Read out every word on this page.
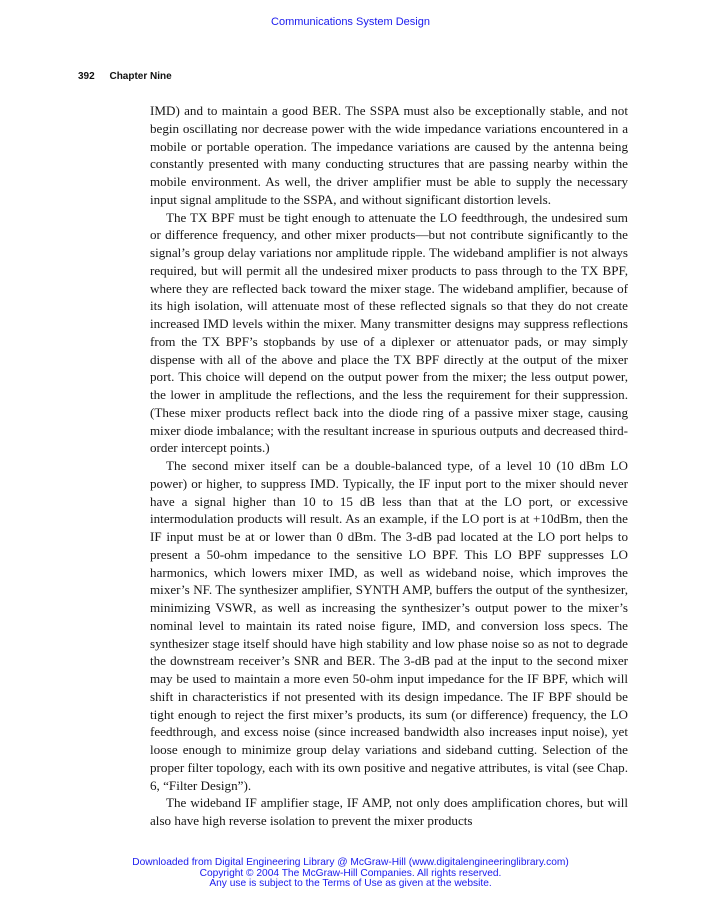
Communications System Design
392 Chapter Nine

IMD) and to maintain a good BER. The SSPA must also be exceptionally stable, and not begin oscillating nor decrease power with the wide impedance variations encountered in a mobile or portable operation. The impedance variations are caused by the antenna being constantly presented with many conducting structures that are passing nearby within the mobile environment. As well, the driver amplifier must be able to supply the necessary input signal amplitude to the SSPA, and without significant distortion levels.

The TX BPF must be tight enough to attenuate the LO feedthrough, the undesired sum or difference frequency, and other mixer products—but not contribute significantly to the signal’s group delay variations nor amplitude ripple. The wideband amplifier is not always required, but will permit all the undesired mixer products to pass through to the TX BPF, where they are reflected back toward the mixer stage. The wideband amplifier, because of its high isolation, will attenuate most of these reflected signals so that they do not create increased IMD levels within the mixer. Many transmitter designs may suppress reflections from the TX BPF’s stopbands by use of a diplexer or attenuator pads, or may simply dispense with all of the above and place the TX BPF directly at the output of the mixer port. This choice will depend on the output power from the mixer; the less output power, the lower in amplitude the reflections, and the less the requirement for their suppression. (These mixer products reflect back into the diode ring of a passive mixer stage, causing mixer diode imbalance; with the resultant increase in spurious outputs and decreased third-order intercept points.)

The second mixer itself can be a double-balanced type, of a level 10 (10 dBm LO power) or higher, to suppress IMD. Typically, the IF input port to the mixer should never have a signal higher than 10 to 15 dB less than that at the LO port, or excessive intermodulation products will result. As an example, if the LO port is at +10dBm, then the IF input must be at or lower than 0 dBm. The 3-dB pad located at the LO port helps to present a 50-ohm impedance to the sensitive LO BPF. This LO BPF suppresses LO harmonics, which lowers mixer IMD, as well as wideband noise, which improves the mixer’s NF. The synthesizer amplifier, SYNTH AMP, buffers the output of the synthesizer, minimizing VSWR, as well as increasing the synthesizer’s output power to the mixer’s nominal level to maintain its rated noise figure, IMD, and conversion loss specs. The synthesizer stage itself should have high stability and low phase noise so as not to degrade the downstream receiver’s SNR and BER. The 3-dB pad at the input to the second mixer may be used to maintain a more even 50-ohm input impedance for the IF BPF, which will shift in characteristics if not presented with its design impedance. The IF BPF should be tight enough to reject the first mixer’s products, its sum (or difference) frequency, the LO feedthrough, and excess noise (since increased bandwidth also increases input noise), yet loose enough to minimize group delay variations and sideband cutting. Selection of the proper filter topology, each with its own positive and negative attributes, is vital (see Chap. 6, “Filter Design”).

The wideband IF amplifier stage, IF AMP, not only does amplification chores, but will also have high reverse isolation to prevent the mixer products

Downloaded from Digital Engineering Library @ McGraw-Hill (www.digitalengineeringlibrary.com)
Copyright © 2004 The McGraw-Hill Companies. All rights reserved.
Any use is subject to the Terms of Use as given at the website.
